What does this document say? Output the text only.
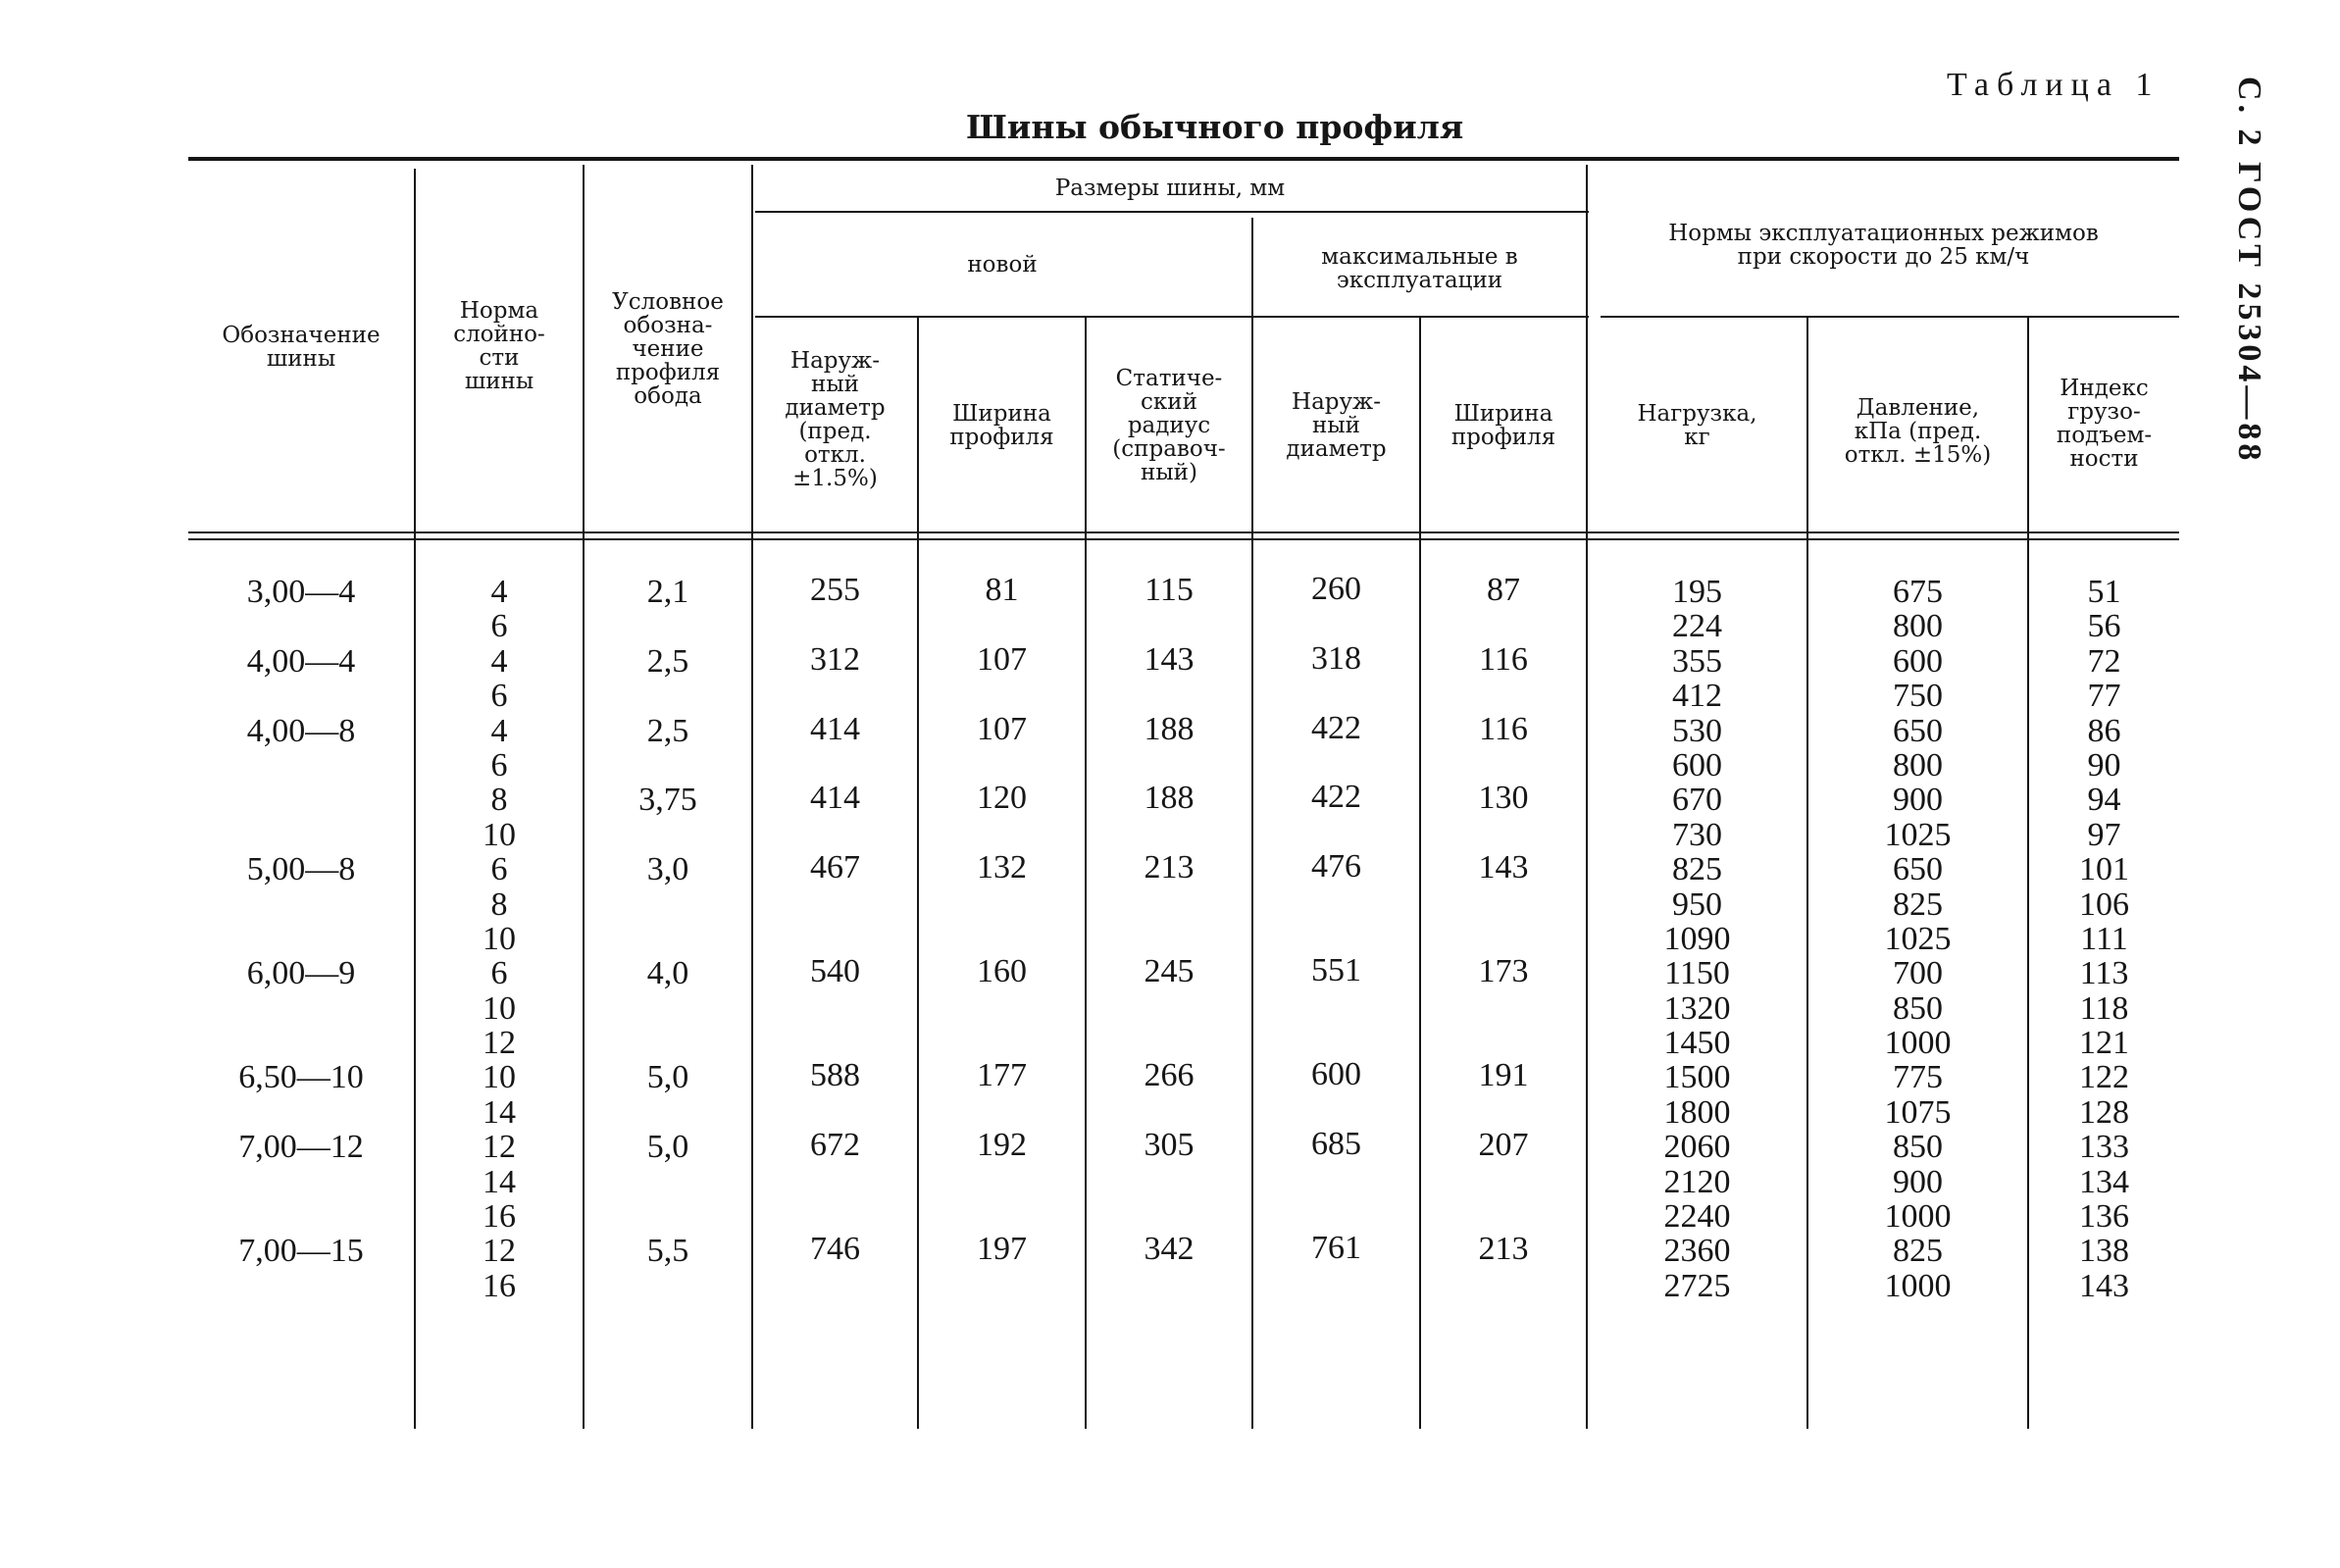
Таблица 1
Шины обычного профиля	С. 2 ГОСТ 25304—88
Обозначение
шины
Норма
слойно-
сти
шины
Условное
обозна-
чение
профиля
обода
Размеры шины, мм
новой	максимальные в
эксплуатации
Нормы эксплуатационных режимов
при скорости до 25 км/ч
Наруж-
ный
диаметр
(пред.
откл.
±1.5%)
Ширина
профиля
Статиче-
ский
радиус
(справоч-
ный)
Наруж-
ный
диаметр
Ширина
профиля
Нагрузка,
кг
Давление,
кПа (пред.
откл. ±15%)
Индекс
грузо-
подъем-
ности
3,00—4
4,00—4
4,00—8
5,00—8
6,00—9
6,50—10
7,00—12
7,00—15
4
6
4
6
4
6
8
10
6
8
10
6
10
12
10
14
12
14
16
12
16
2,1
2,5
2,5
3,75
3,0
4,0
5,0
5,0
5,5
255
312
414
414
467
540
588
672
746
81
107
107
120
132
160
177
192
197
115
143
188
188
213
245
266
305
342
260
318
422
422
476
551
600
685
761
87
116
116
130
143
173
191
207
213
195
224
355
412
530
600
670
730
825
950
1090
1150
1320
1450
1500
1800
2060
2120
2240
2360
2725
675
800
600
750
650
800
900
1025
650
825
1025
700
850
1000
775
1075
850
900
1000
825
1000
51
56
72
77
86
90
94
97
101
106
111
113
118
121
122
128
133
134
136
138
143
